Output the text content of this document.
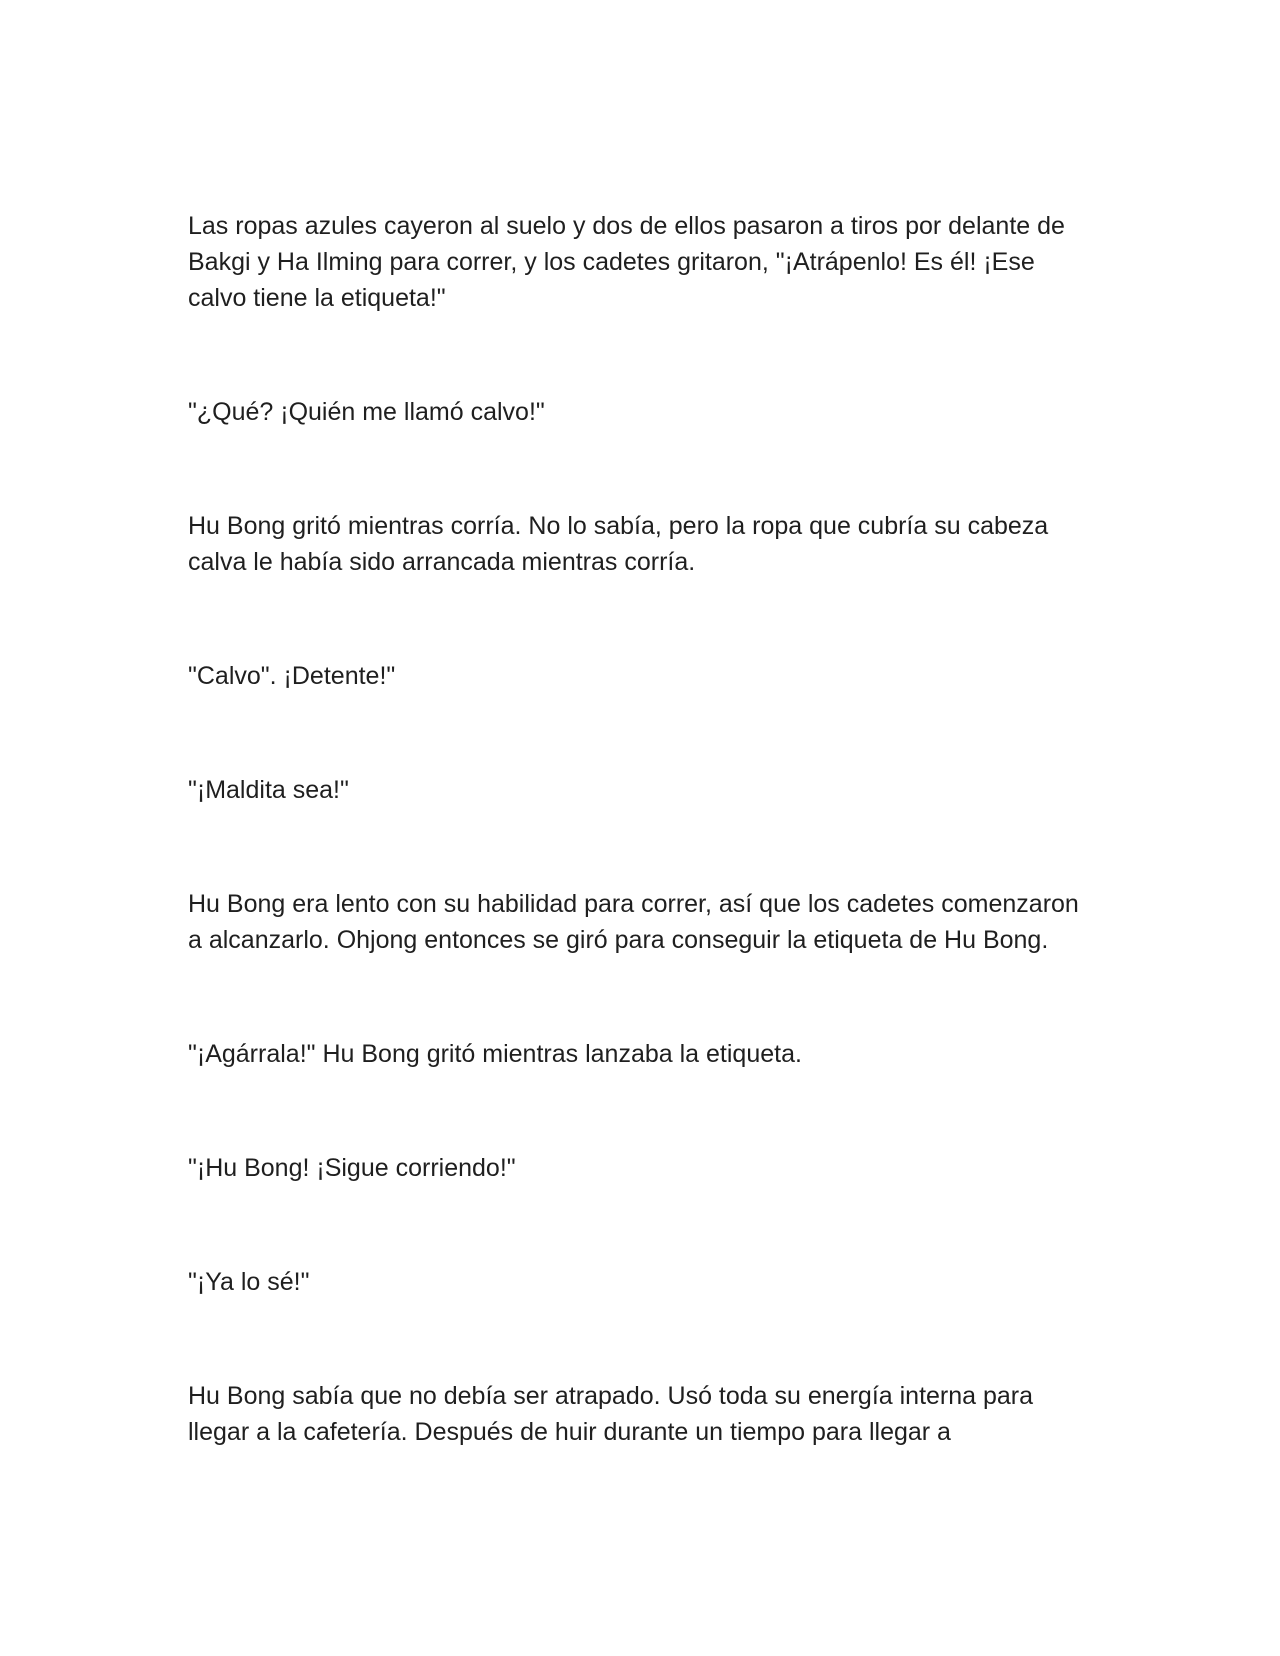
Las ropas azules cayeron al suelo y dos de ellos pasaron a tiros por delante de Bakgi y Ha Ilming para correr, y los cadetes gritaron, "¡Atrápenlo! Es él! ¡Ese calvo tiene la etiqueta!"

"¿Qué? ¡Quién me llamó calvo!"

Hu Bong gritó mientras corría. No lo sabía, pero la ropa que cubría su cabeza calva le había sido arrancada mientras corría.

"Calvo". ¡Detente!"

"¡Maldita sea!"

Hu Bong era lento con su habilidad para correr, así que los cadetes comenzaron a alcanzarlo. Ohjong entonces se giró para conseguir la etiqueta de Hu Bong.

"¡Agárrala!" Hu Bong gritó mientras lanzaba la etiqueta.

"¡Hu Bong! ¡Sigue corriendo!"

"¡Ya lo sé!"

Hu Bong sabía que no debía ser atrapado. Usó toda su energía interna para llegar a la cafetería. Después de huir durante un tiempo para llegar a
